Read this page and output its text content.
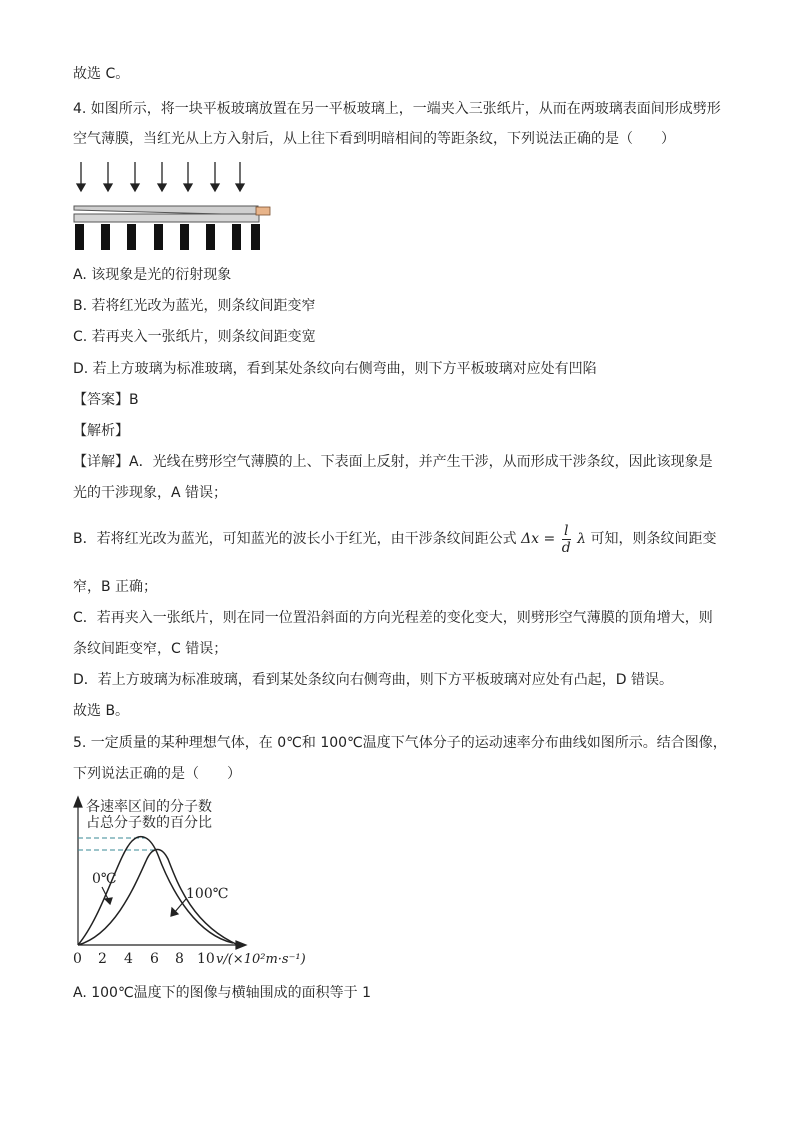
故选 C。
4. 如图所示，将一块平板玻璃放置在另一平板玻璃上，一端夹入三张纸片，从而在两玻璃表面间形成劈形
空气薄膜，当红光从上方入射后，从上往下看到明暗相间的等距条纹，下列说法正确的是（　　）
A. 该现象是光的衍射现象
B. 若将红光改为蓝光，则条纹间距变窄
C. 若再夹入一张纸片，则条纹间距变宽
D. 若上方玻璃为标准玻璃，看到某处条纹向右侧弯曲，则下方平板玻璃对应处有凹陷
【答案】B
【解析】
【详解】A．光线在劈形空气薄膜的上、下表面上反射，并产生干涉，从而形成干涉条纹，因此该现象是
光的干涉现象，A 错误；
B．若将红光改为蓝光，可知蓝光的波长小于红光，由干涉条纹间距公式 $\Delta x = \frac{l}{d}$ λ 可知，则条纹间距变
窄，B 正确；
C．若再夹入一张纸片，则在同一位置沿斜面的方向光程差的变化变大，则劈形空气薄膜的顶角增大，则
条纹间距变窄，C 错误；
D．若上方玻璃为标准玻璃，看到某处条纹向右侧弯曲，则下方平板玻璃对应处有凸起，D 错误。
故选 B。
5. 一定质量的某种理想气体，在 0℃和 100℃温度下气体分子的运动速率分布曲线如图所示。结合图像，
下列说法正确的是（　　）
各速率区间的分子数
占总分子数的百分比
0℃
100℃
0 2 4 6 8 10 v/(×10²m·s⁻¹)
A. 100℃温度下的图像与横轴围成的面积等于 1
